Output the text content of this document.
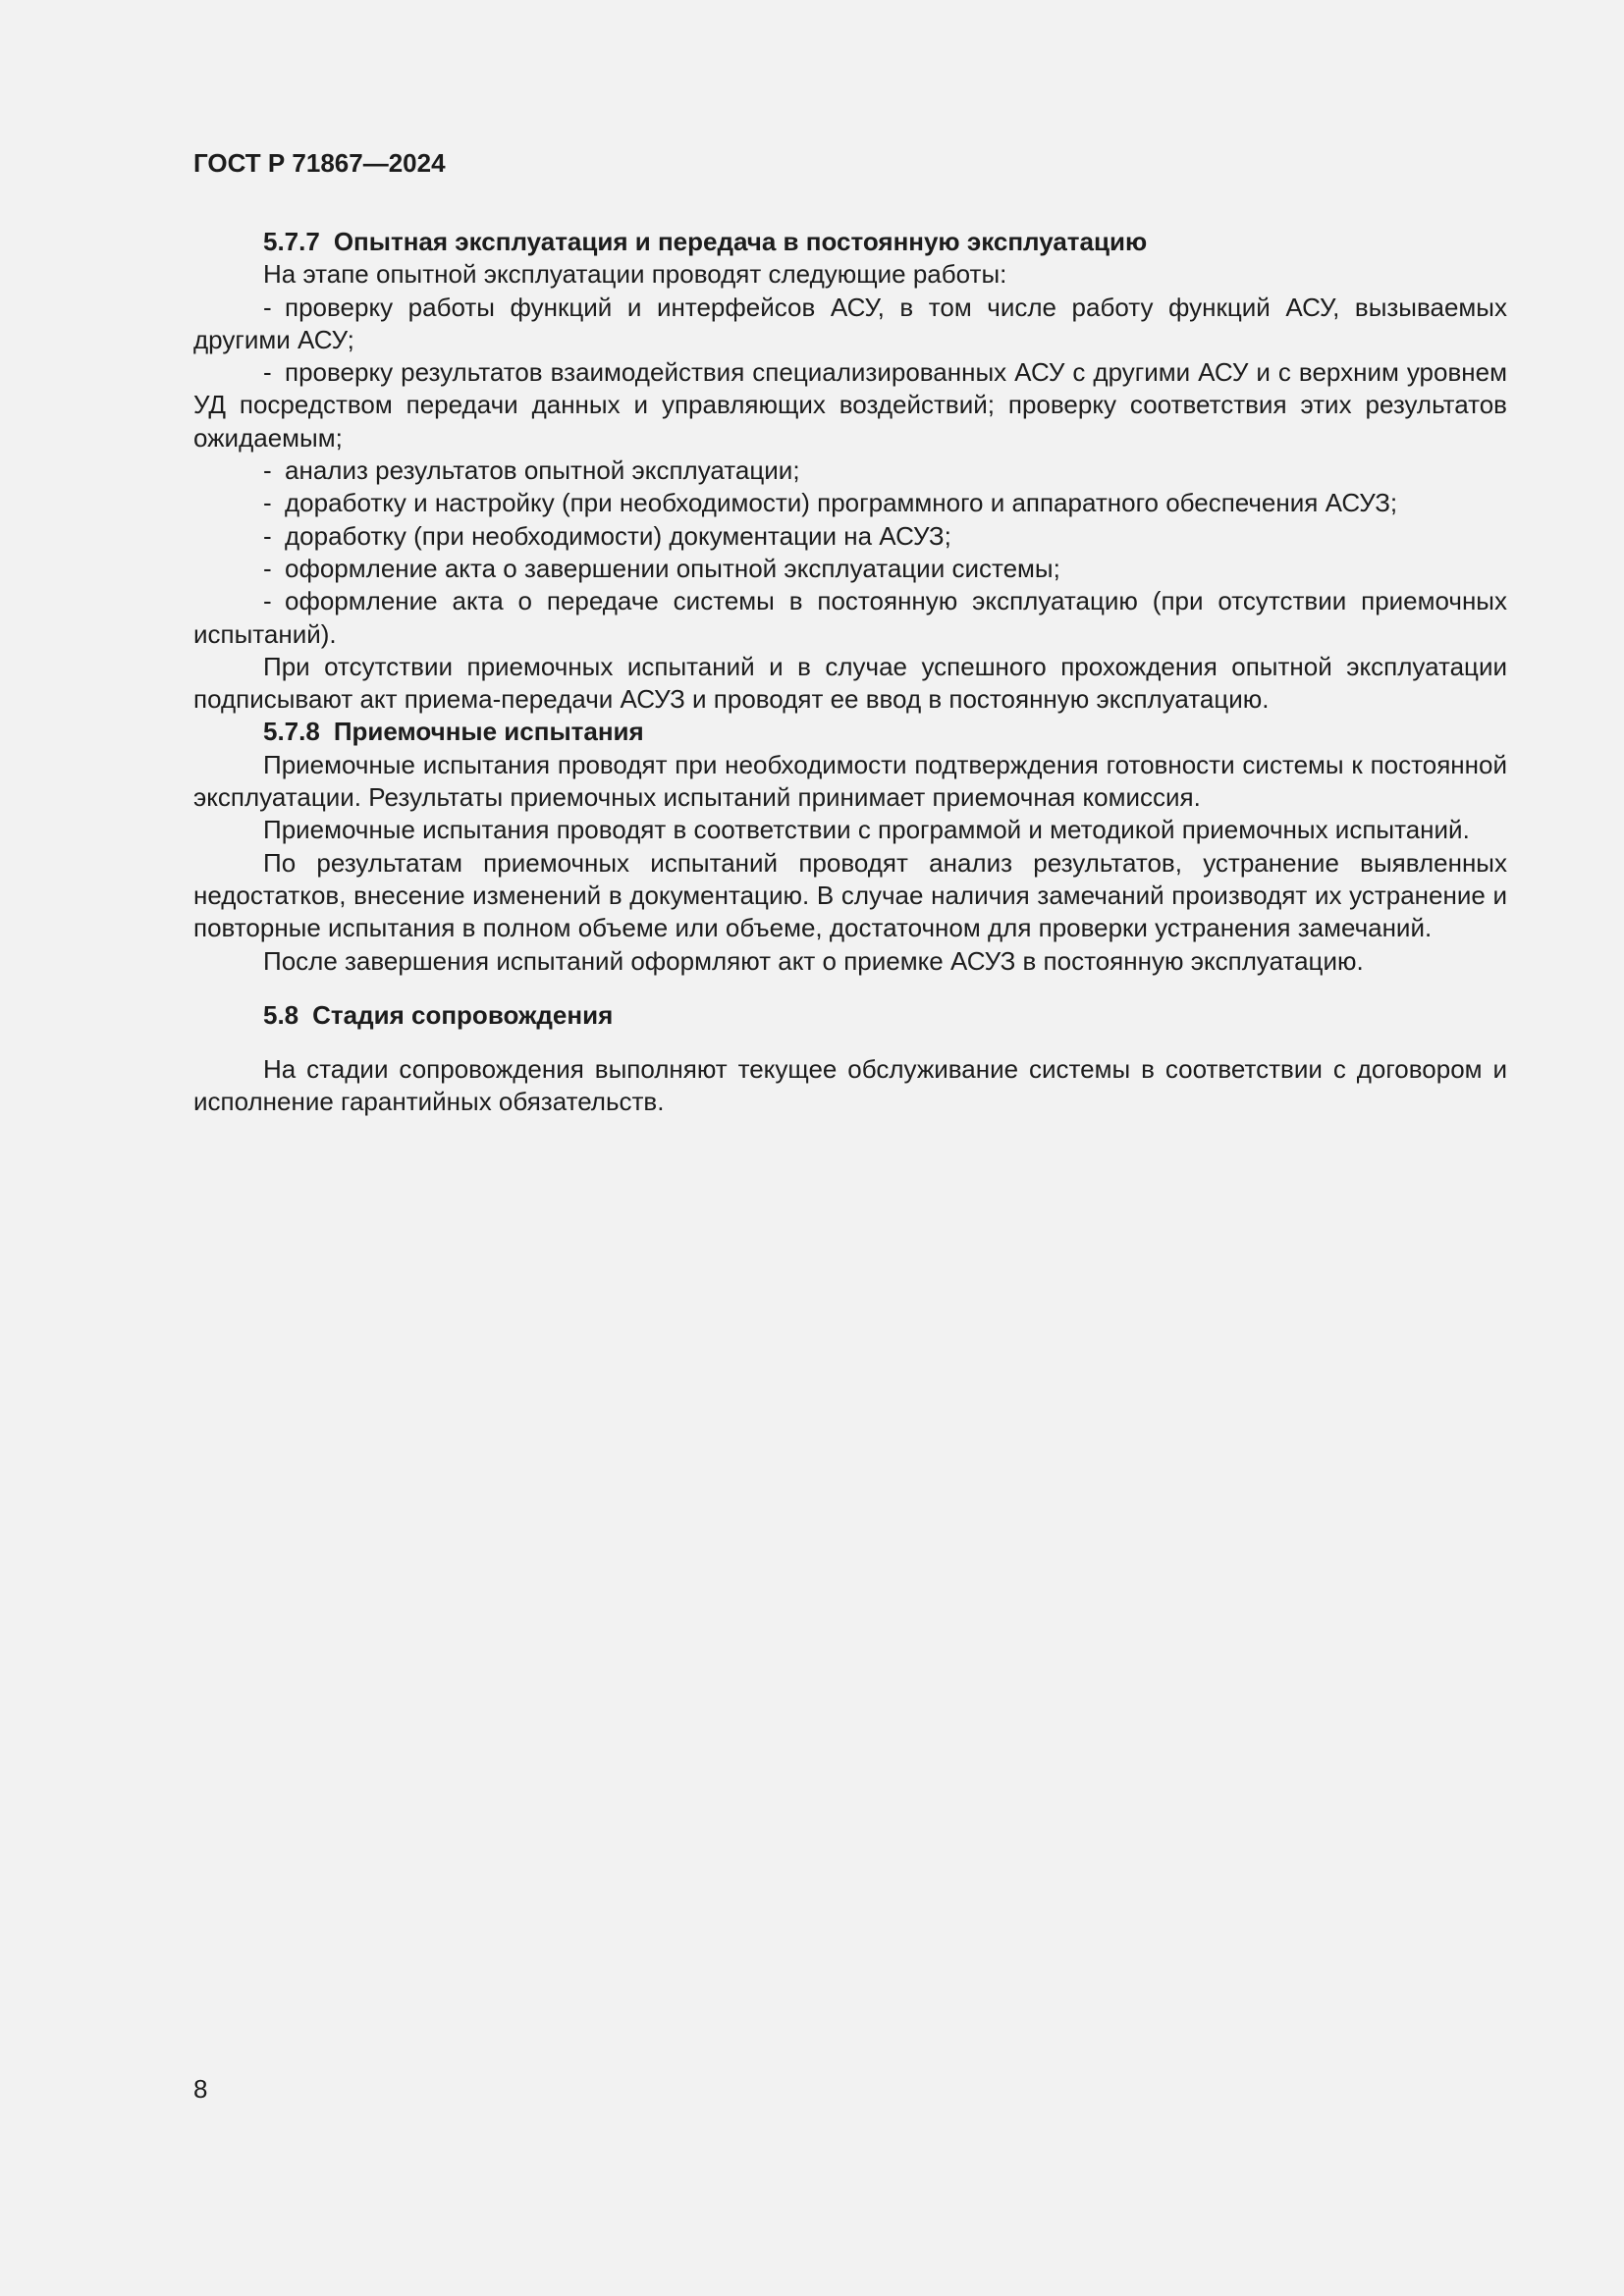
ГОСТ Р 71867—2024
5.7.7 Опытная эксплуатация и передача в постоянную эксплуатацию

На этапе опытной эксплуатации проводят следующие работы:

- проверку работы функций и интерфейсов АСУ, в том числе работу функций АСУ, вызываемых другими АСУ;
- проверку результатов взаимодействия специализированных АСУ с другими АСУ и с верхним уровнем УД посредством передачи данных и управляющих воздействий; проверку соответствия этих результатов ожидаемым;
- анализ результатов опытной эксплуатации;
- доработку и настройку (при необходимости) программного и аппаратного обеспечения АСУЗ;
- доработку (при необходимости) документации на АСУЗ;
- оформление акта о завершении опытной эксплуатации системы;
- оформление акта о передаче системы в постоянную эксплуатацию (при отсутствии приемочных испытаний).

При отсутствии приемочных испытаний и в случае успешного прохождения опытной эксплуатации подписывают акт приема-передачи АСУЗ и проводят ее ввод в постоянную эксплуатацию.

5.7.8 Приемочные испытания

Приемочные испытания проводят при необходимости подтверждения готовности системы к постоянной эксплуатации. Результаты приемочных испытаний принимает приемочная комиссия.

Приемочные испытания проводят в соответствии с программой и методикой приемочных испытаний.

По результатам приемочных испытаний проводят анализ результатов, устранение выявленных недостатков, внесение изменений в документацию. В случае наличия замечаний производят их устранение и повторные испытания в полном объеме или объеме, достаточном для проверки устранения замечаний.

После завершения испытаний оформляют акт о приемке АСУЗ в постоянную эксплуатацию.

5.8 Стадия сопровождения

На стадии сопровождения выполняют текущее обслуживание системы в соответствии с договором и исполнение гарантийных обязательств.

8
